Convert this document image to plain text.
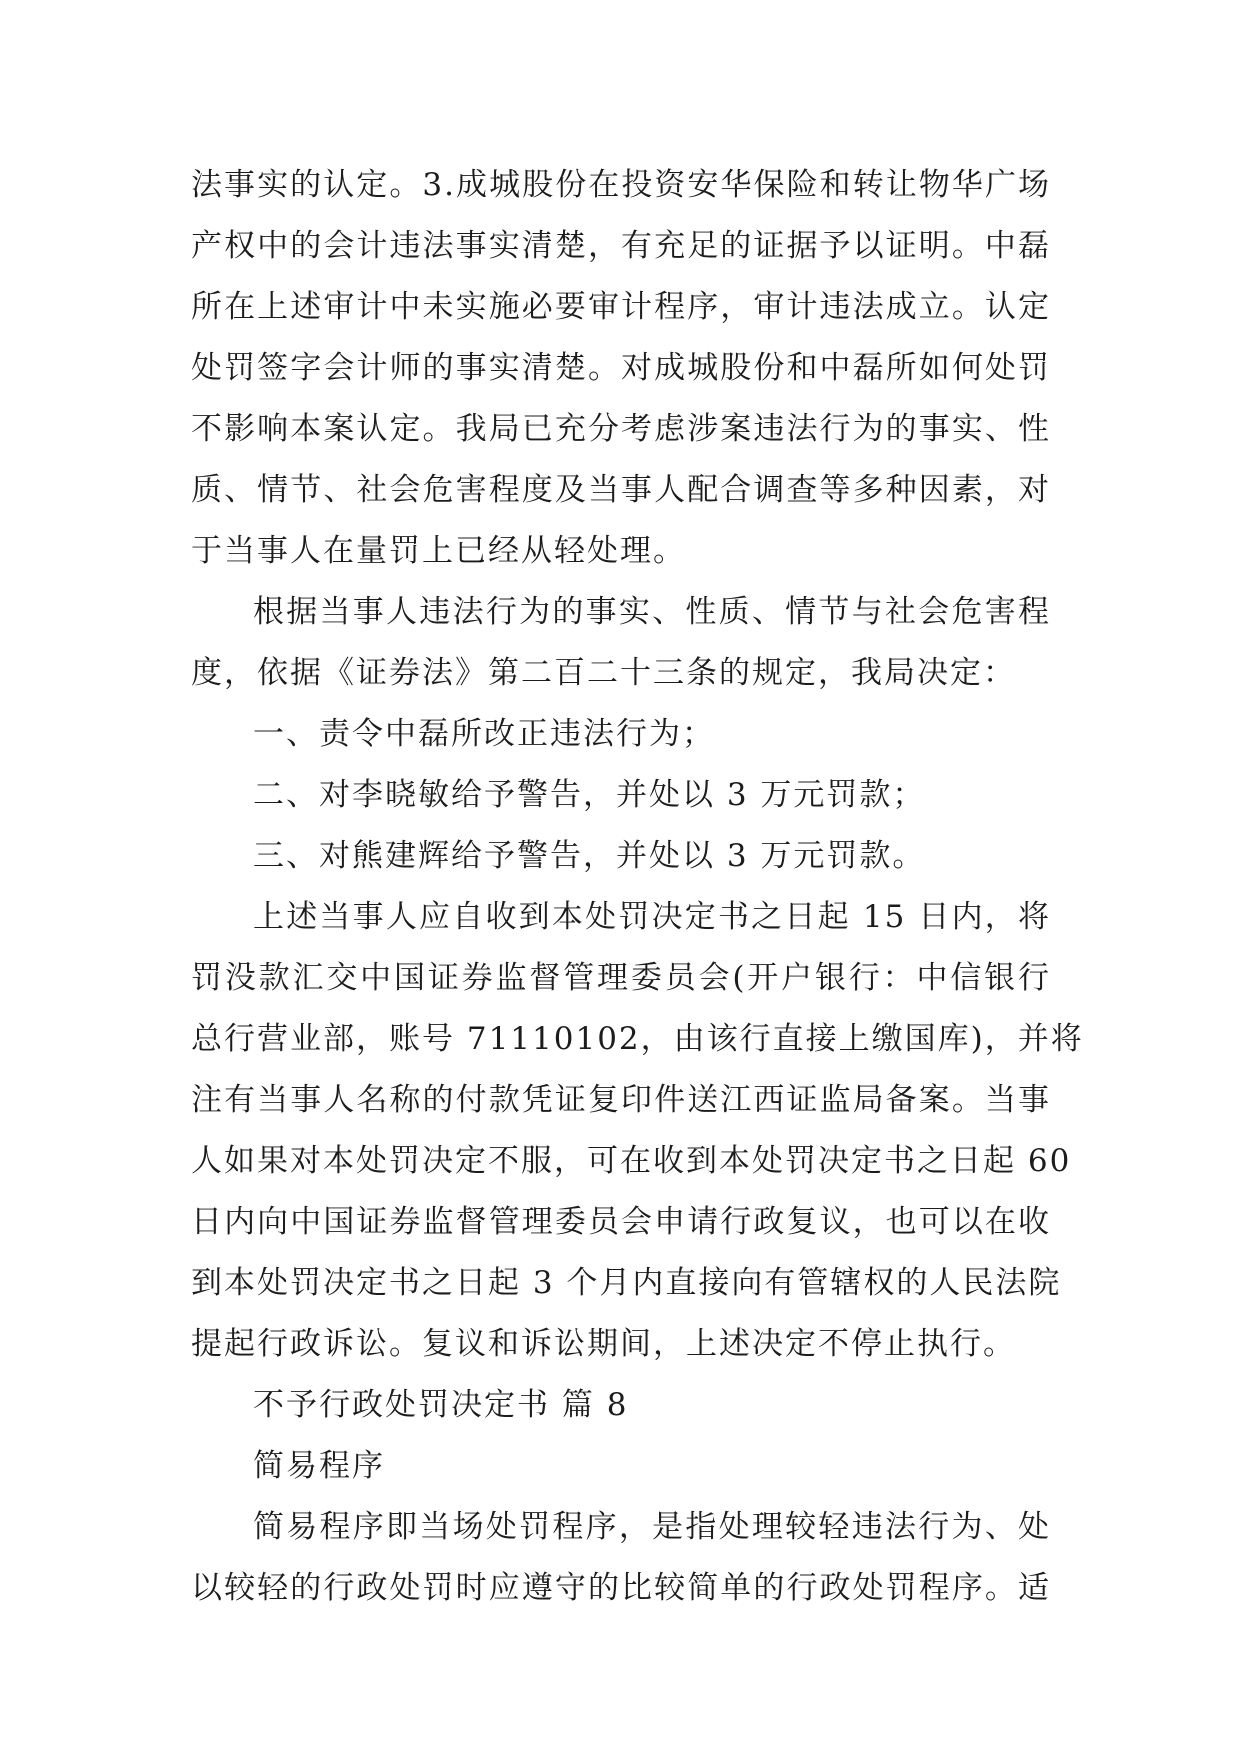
法事实的认定。3.成城股份在投资安华保险和转让物华广场
产权中的会计违法事实清楚，有充足的证据予以证明。中磊
所在上述审计中未实施必要审计程序，审计违法成立。认定
处罚签字会计师的事实清楚。对成城股份和中磊所如何处罚
不影响本案认定。我局已充分考虑涉案违法行为的事实、性
质、情节、社会危害程度及当事人配合调查等多种因素，对
于当事人在量罚上已经从轻处理。
根据当事人违法行为的事实、性质、情节与社会危害程
度，依据《证券法》第二百二十三条的规定，我局决定：
一、责令中磊所改正违法行为；
二、对李晓敏给予警告，并处以 3 万元罚款；
三、对熊建辉给予警告，并处以 3 万元罚款。
上述当事人应自收到本处罚决定书之日起 15 日内，将
罚没款汇交中国证券监督管理委员会(开户银行：中信银行
总行营业部，账号 71110102，由该行直接上缴国库)，并将
注有当事人名称的付款凭证复印件送江西证监局备案。当事
人如果对本处罚决定不服，可在收到本处罚决定书之日起 60
日内向中国证券监督管理委员会申请行政复议，也可以在收
到本处罚决定书之日起 3 个月内直接向有管辖权的人民法院
提起行政诉讼。复议和诉讼期间，上述决定不停止执行。
不予行政处罚决定书 篇 8
简易程序
简易程序即当场处罚程序，是指处理较轻违法行为、处
以较轻的行政处罚时应遵守的比较简单的行政处罚程序。适
